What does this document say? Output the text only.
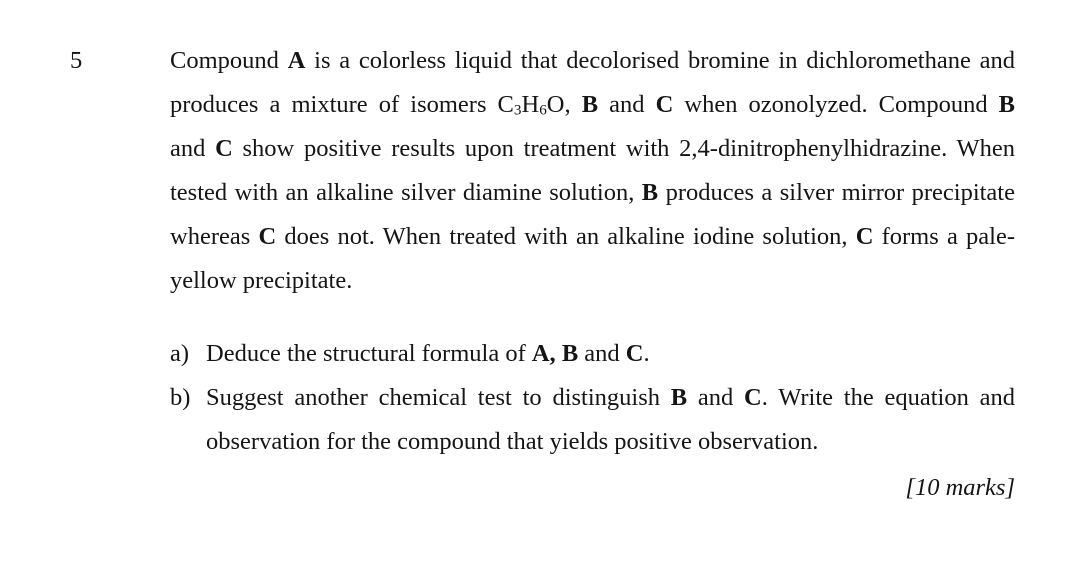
5	Compound A is a colorless liquid that decolorised bromine in dichloromethane and
produces a mixture of isomers $C_3H_6O$, B and C when ozonolyzed. Compound B
and C show positive results upon treatment with 2,4-dinitrophenylhidrazine. When
tested with an alkaline silver diamine solution, B produces a silver mirror precipitate
whereas C does not. When treated with an alkaline iodine solution, C forms a pale-
yellow precipitate.
a) Deduce the structural formula of A, B and C.
b) Suggest another chemical test to distinguish B and C. Write the equation and
observation for the compound that yields positive observation.
[10 marks]
